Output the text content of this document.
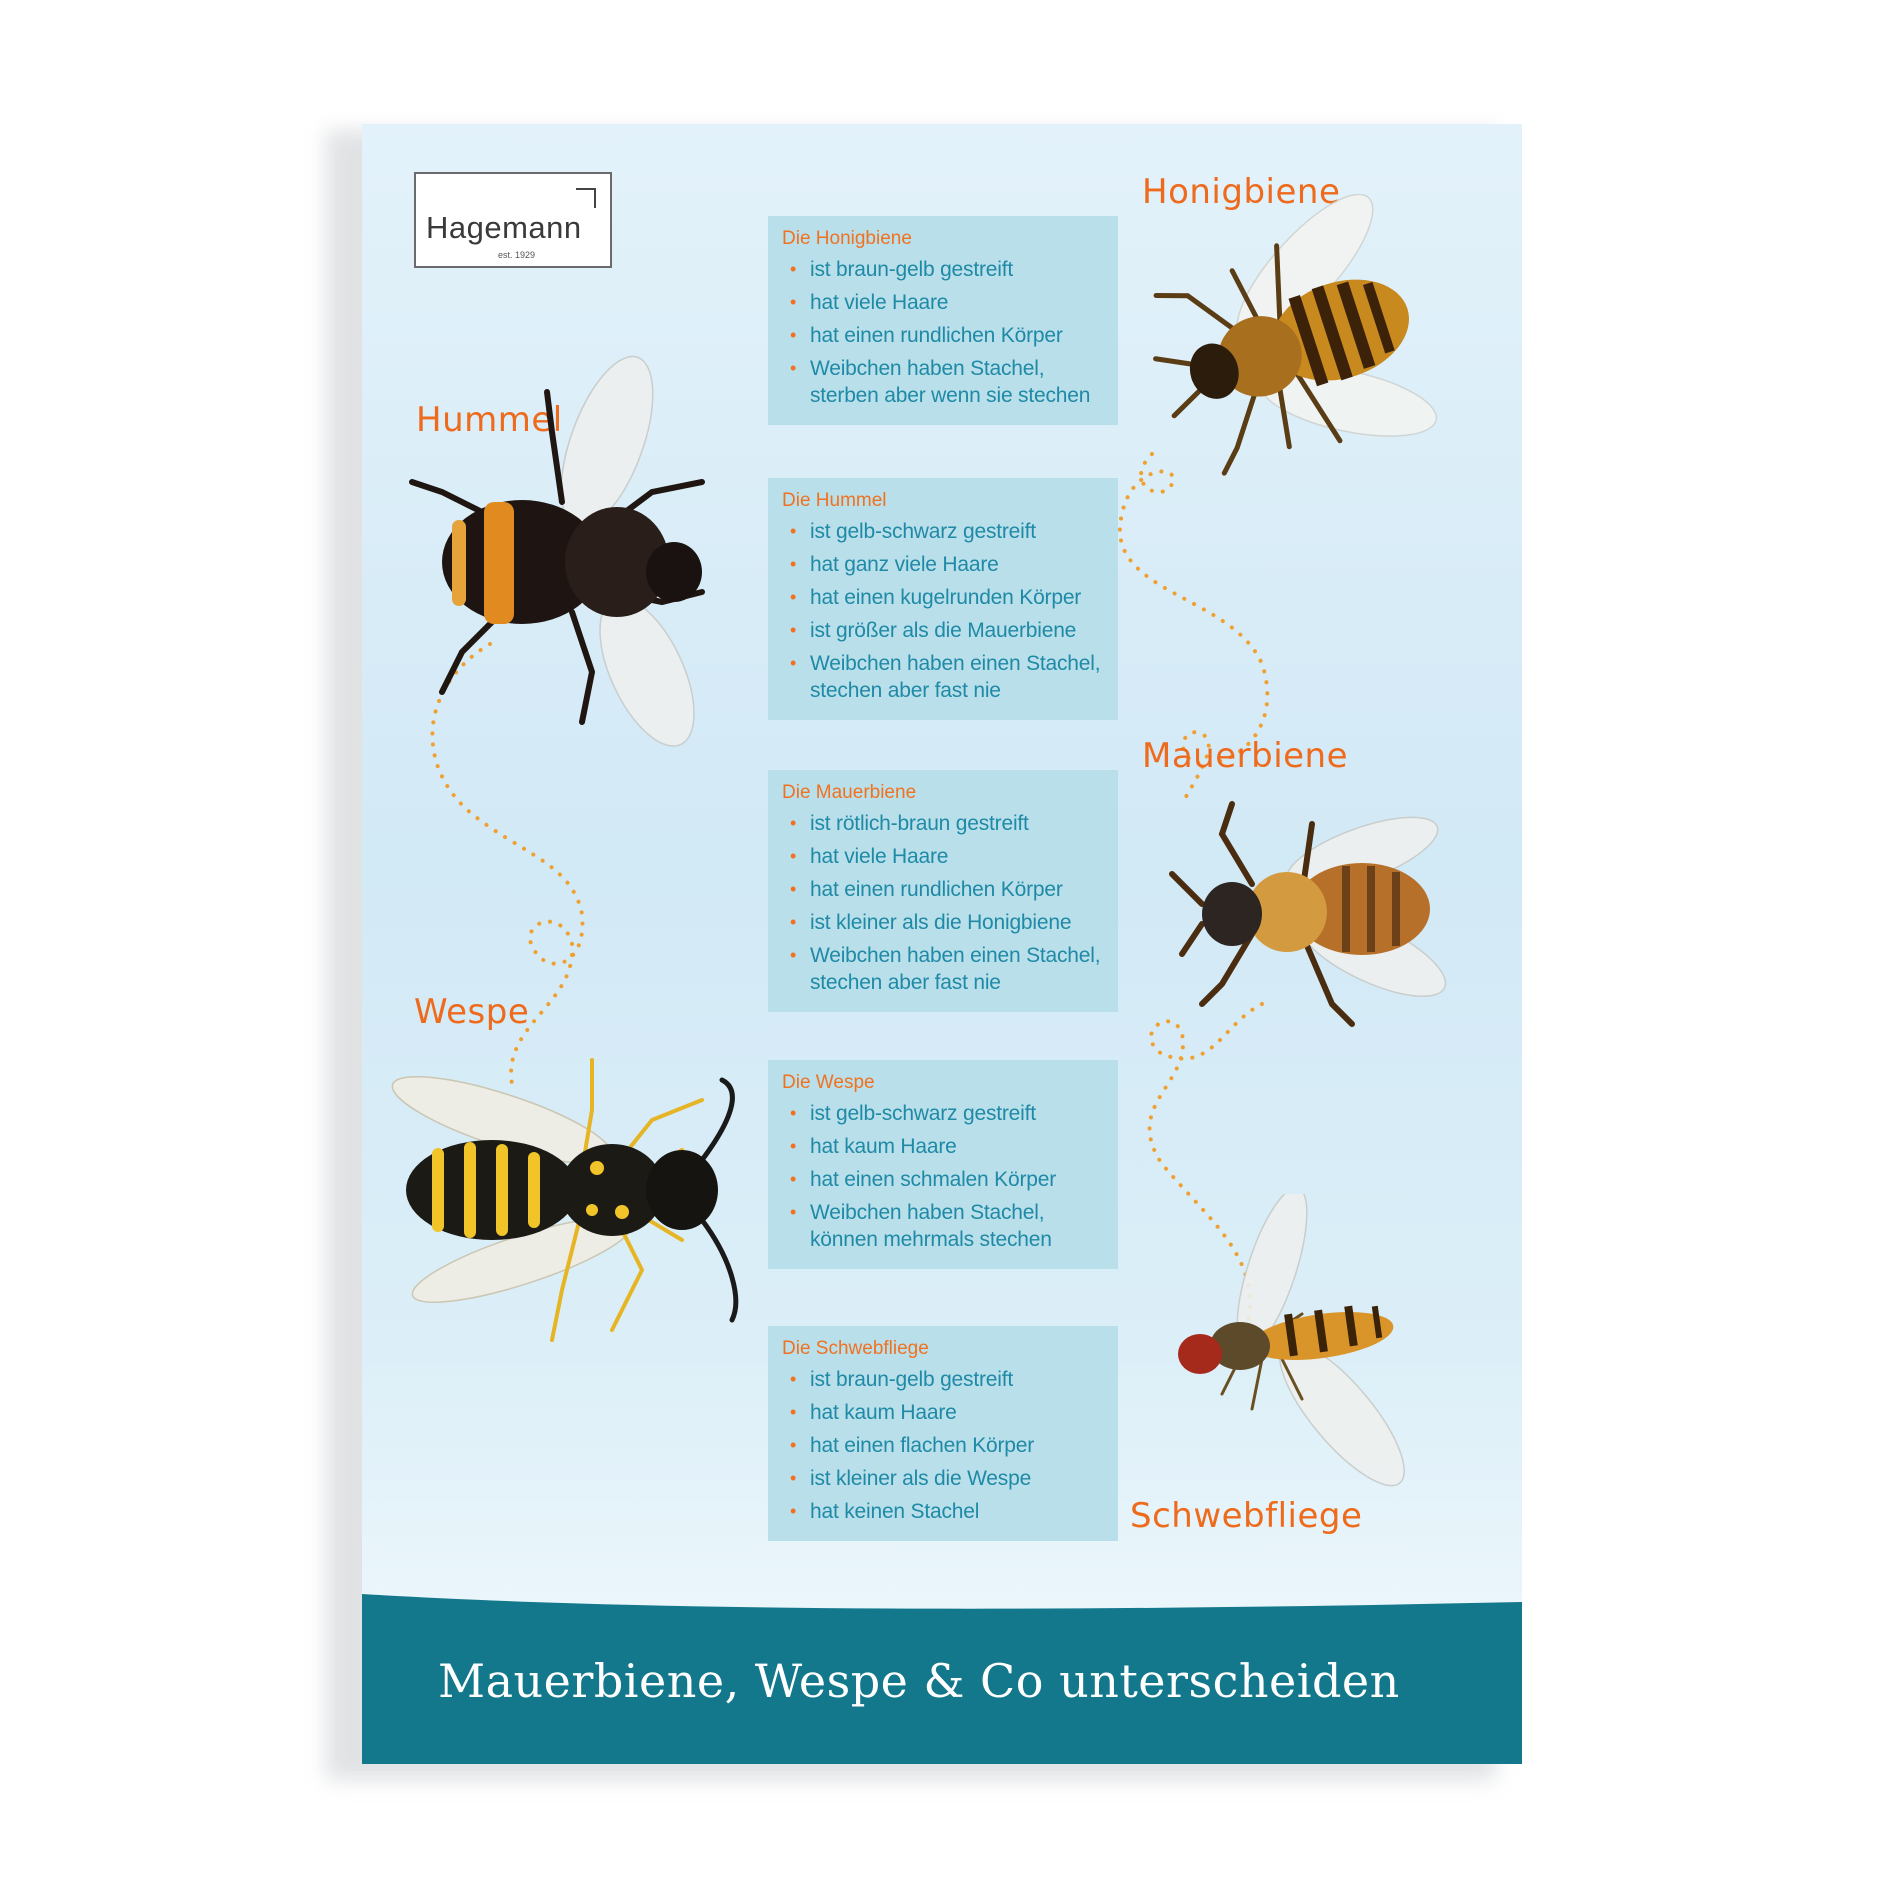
Hagemann
est. 1929
Honigbiene
Hummel
Mauerbiene
Wespe
Schwebfliege
Die Honigbiene
• ist braun-gelb gestreift
• hat viele Haare
• hat einen rundlichen Körper
• Weibchen haben Stachel, sterben aber wenn sie stechen
Die Hummel
• ist gelb-schwarz gestreift
• hat ganz viele Haare
• hat einen kugelrunden Körper
• ist größer als die Mauerbiene
• Weibchen haben einen Stachel, stechen aber fast nie
Die Mauerbiene
• ist rötlich-braun gestreift
• hat viele Haare
• hat einen rundlichen Körper
• ist kleiner als die Honigbiene
• Weibchen haben einen Stachel, stechen aber fast nie
Die Wespe
• ist gelb-schwarz gestreift
• hat kaum Haare
• hat einen schmalen Körper
• Weibchen haben Stachel, können mehrmals stechen
Die Schwebfliege
• ist braun-gelb gestreift
• hat kaum Haare
• hat einen flachen Körper
• ist kleiner als die Wespe
• hat keinen Stachel
Mauerbiene, Wespe & Co unterscheiden
